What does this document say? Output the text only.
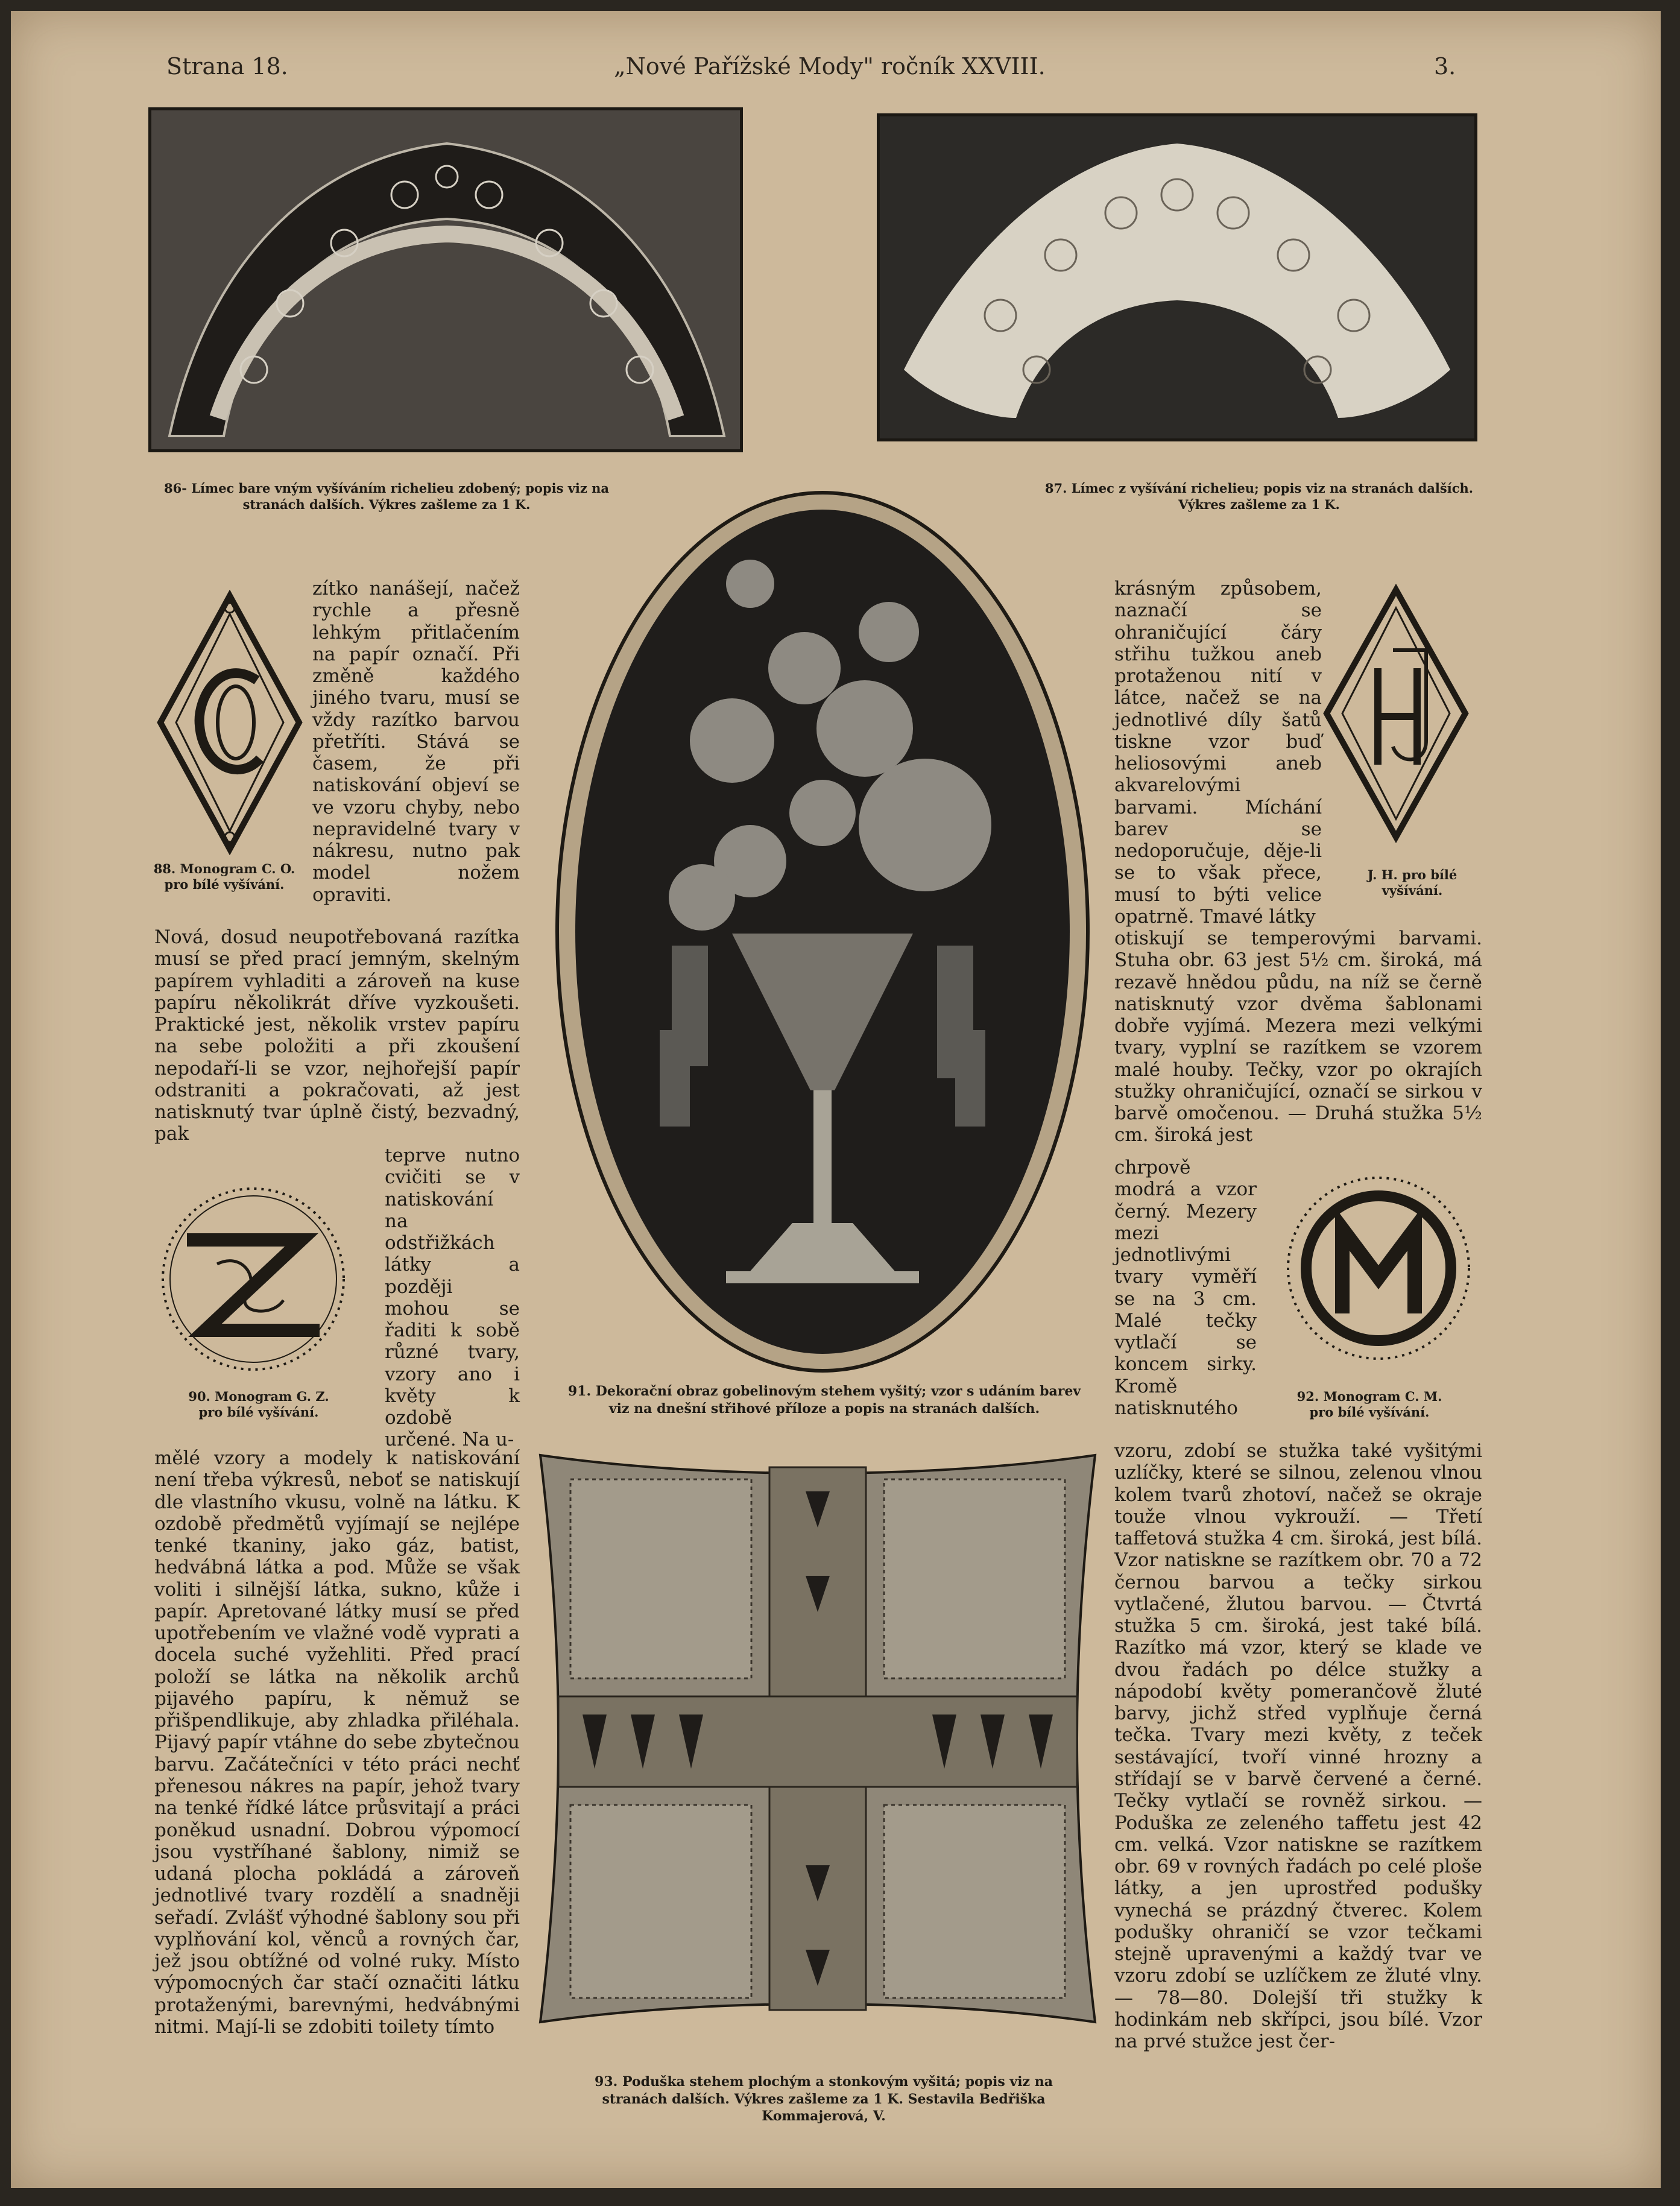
Strana 18.	„Nové Pařížské Mody" ročník XXVIII.	3.
86- Límec bare vným vyšíváním richelieu zdobený; popis viz na stranách dalších. Výkres zašleme za 1 K.
87. Límec z vyšívání richelieu; popis viz na stranách dalších. Výkres zašleme za 1 K.
88. Monogram C. O. pro bílé vyšívání.
J. H. pro bílé vyšívání.
90. Monogram G. Z. pro bílé vyšívání.
91. Dekorační obraz gobelinovým stehem vyšitý; vzor s udáním barev viz na dnešní střihové příloze a popis na stranách dalších.
92. Monogram C. M. pro bílé vyšívání.
93. Poduška stehem plochým a stonkovým vyšitá; popis viz na stranách dalších. Výkres zašleme za 1 K. Sestavila Bedřiška Kommajerová, V.

zítko nanášejí, načež rychle a přesně lehkým přitlačením na papír označí. Při změně každého jiného tvaru, musí se vždy razítko barvou přetříti. Stává se časem, že při natiskování objeví se ve vzoru chyby, nebo nepravidelné tvary v nákresu, nutno pak model nožem opraviti.

Nová, dosud neupotřebovaná razítka musí se před prací jemným, skelným papírem vyhladiti a zároveň na kuse papíru několikrát dříve vyzkoušeti. Praktické jest, několik vrstev papíru na sebe položiti a při zkoušení nepodaří-li se vzor, nejhořejší papír odstraniti a pokračovati, až jest natisknutý tvar úplně čistý, bezvadný, pak

teprve nutno cvičiti se v natiskování na odstřižkách látky a později mohou se řaditi k sobě různé tvary, vzory ano i květy k ozdobě určené. Na u-

mělé vzory a modely k natiskování není třeba výkresů, neboť se natiskují dle vlastního vkusu, volně na látku. K ozdobě předmětů vyjímají se nejlépe tenké tkaniny, jako gáz, batist, hedvábná látka a pod. Může se však voliti i silnější látka, sukno, kůže i papír. Apretované látky musí se před upotřebením ve vlažné vodě vyprati a docela suché vyžehliti. Před prací položí se látka na několik archů pijavého papíru, k němuž se přišpendlikuje, aby zhladka přiléhala. Pijavý papír vtáhne do sebe zbytečnou barvu. Začátečníci v této práci nechť přenesou nákres na papír, jehož tvary na tenké řídké látce průsvitají a práci poněkud usnadní. Dobrou výpomocí jsou vystříhané šablony, nimiž se udaná plocha pokládá a zároveň jednotlivé tvary rozdělí a snadněji seřadí. Zvlášť výhodné šablony sou při vyplňování kol, věnců a rovných čar, jež jsou obtížné od volné ruky. Místo výpomocných čar stačí označiti látku protaženými, barevnými, hedvábnými nitmi. Mají-li se zdobiti toilety tímto

krásným způsobem, naznačí se ohraničující čáry střihu tužkou aneb protaženou nití v látce, načež se na jednotlivé díly šatů tiskne vzor buď heliosovými aneb akvarelovými barvami. Míchání barev se nedoporučuje, děje-li se to však přece, musí to býti velice opatrně. Tmavé látky

otiskují se temperovými barvami. Stuha obr. 63 jest 5½ cm. široká, má rezavě hnědou půdu, na níž se černě natisknutý vzor dvěma šablonami dobře vyjímá. Mezera mezi velkými tvary, vyplní se razítkem se vzorem malé houby. Tečky, vzor po okrajích stužky ohraničující, označí se sirkou v barvě omočenou. — Druhá stužka 5½ cm. široká jest

chrpově modrá a vzor černý. Mezery mezi jednotlivými tvary vyměří se na 3 cm. Malé tečky vytlačí se koncem sirky. Kromě natisknutého

vzoru, zdobí se stužka také vyšitými uzlíčky, které se silnou, zelenou vlnou kolem tvarů zhotoví, načež se okraje touže vlnou vykrouží. — Třetí taffetová stužka 4 cm. široká, jest bílá. Vzor natiskne se razítkem obr. 70 a 72 černou barvou a tečky sirkou vytlačené, žlutou barvou. — Čtvrtá stužka 5 cm. široká, jest také bílá. Razítko má vzor, který se klade ve dvou řadách po délce stužky a nápodobí květy pomerančově žluté barvy, jichž střed vyplňuje černá tečka. Tvary mezi květy, z teček sestávající, tvoří vinné hrozny a střídají se v barvě červené a černé. Tečky vytlačí se rovněž sirkou. — Poduška ze zeleného taffetu jest 42 cm. velká. Vzor natiskne se razítkem obr. 69 v rovných řadách po celé ploše látky, a jen uprostřed podušky vynechá se prázdný čtverec. Kolem podušky ohraničí se vzor tečkami stejně upravenými a každý tvar ve vzoru zdobí se uzlíčkem ze žluté vlny. — 78—80. Dolejší tři stužky k hodinkám neb skřípci, jsou bílé. Vzor na prvé stužce jest čer-
